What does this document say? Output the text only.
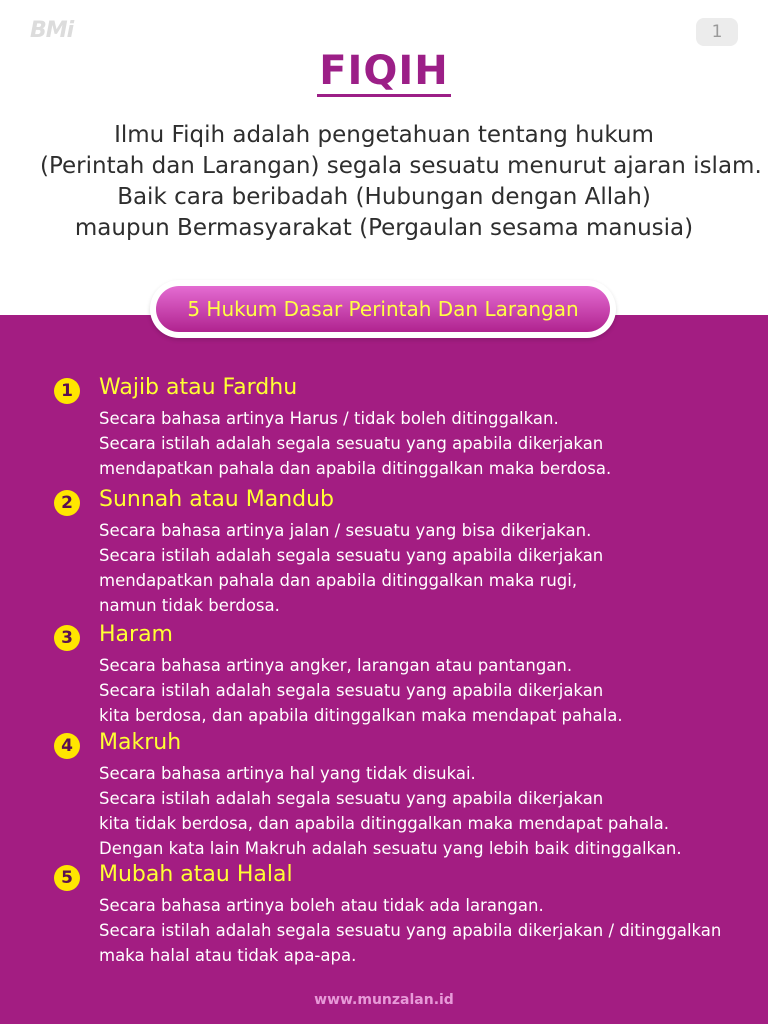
BMi	1
FIQIH
Ilmu Fiqih adalah pengetahuan tentang hukum
(Perintah dan Larangan) segala sesuatu menurut ajaran islam.
Baik cara beribadah (Hubungan dengan Allah)
maupun Bermasyarakat (Pergaulan sesama manusia)
5 Hukum Dasar Perintah Dan Larangan
1	Wajib atau Fardhu
Secara bahasa artinya Harus / tidak boleh ditinggalkan.
Secara istilah adalah segala sesuatu yang apabila dikerjakan
mendapatkan pahala dan apabila ditinggalkan maka berdosa.
2	Sunnah atau Mandub
Secara bahasa artinya jalan / sesuatu yang bisa dikerjakan.
Secara istilah adalah segala sesuatu yang apabila dikerjakan
mendapatkan pahala dan apabila ditinggalkan maka rugi,
namun tidak berdosa.
3	Haram
Secara bahasa artinya angker, larangan atau pantangan.
Secara istilah adalah segala sesuatu yang apabila dikerjakan
kita berdosa, dan apabila ditinggalkan maka mendapat pahala.
4	Makruh
Secara bahasa artinya hal yang tidak disukai.
Secara istilah adalah segala sesuatu yang apabila dikerjakan
kita tidak berdosa, dan apabila ditinggalkan maka mendapat pahala.
Dengan kata lain Makruh adalah sesuatu yang lebih baik ditinggalkan.
5	Mubah atau Halal
Secara bahasa artinya boleh atau tidak ada larangan.
Secara istilah adalah segala sesuatu yang apabila dikerjakan / ditinggalkan
maka halal atau tidak apa-apa.
www.munzalan.id
